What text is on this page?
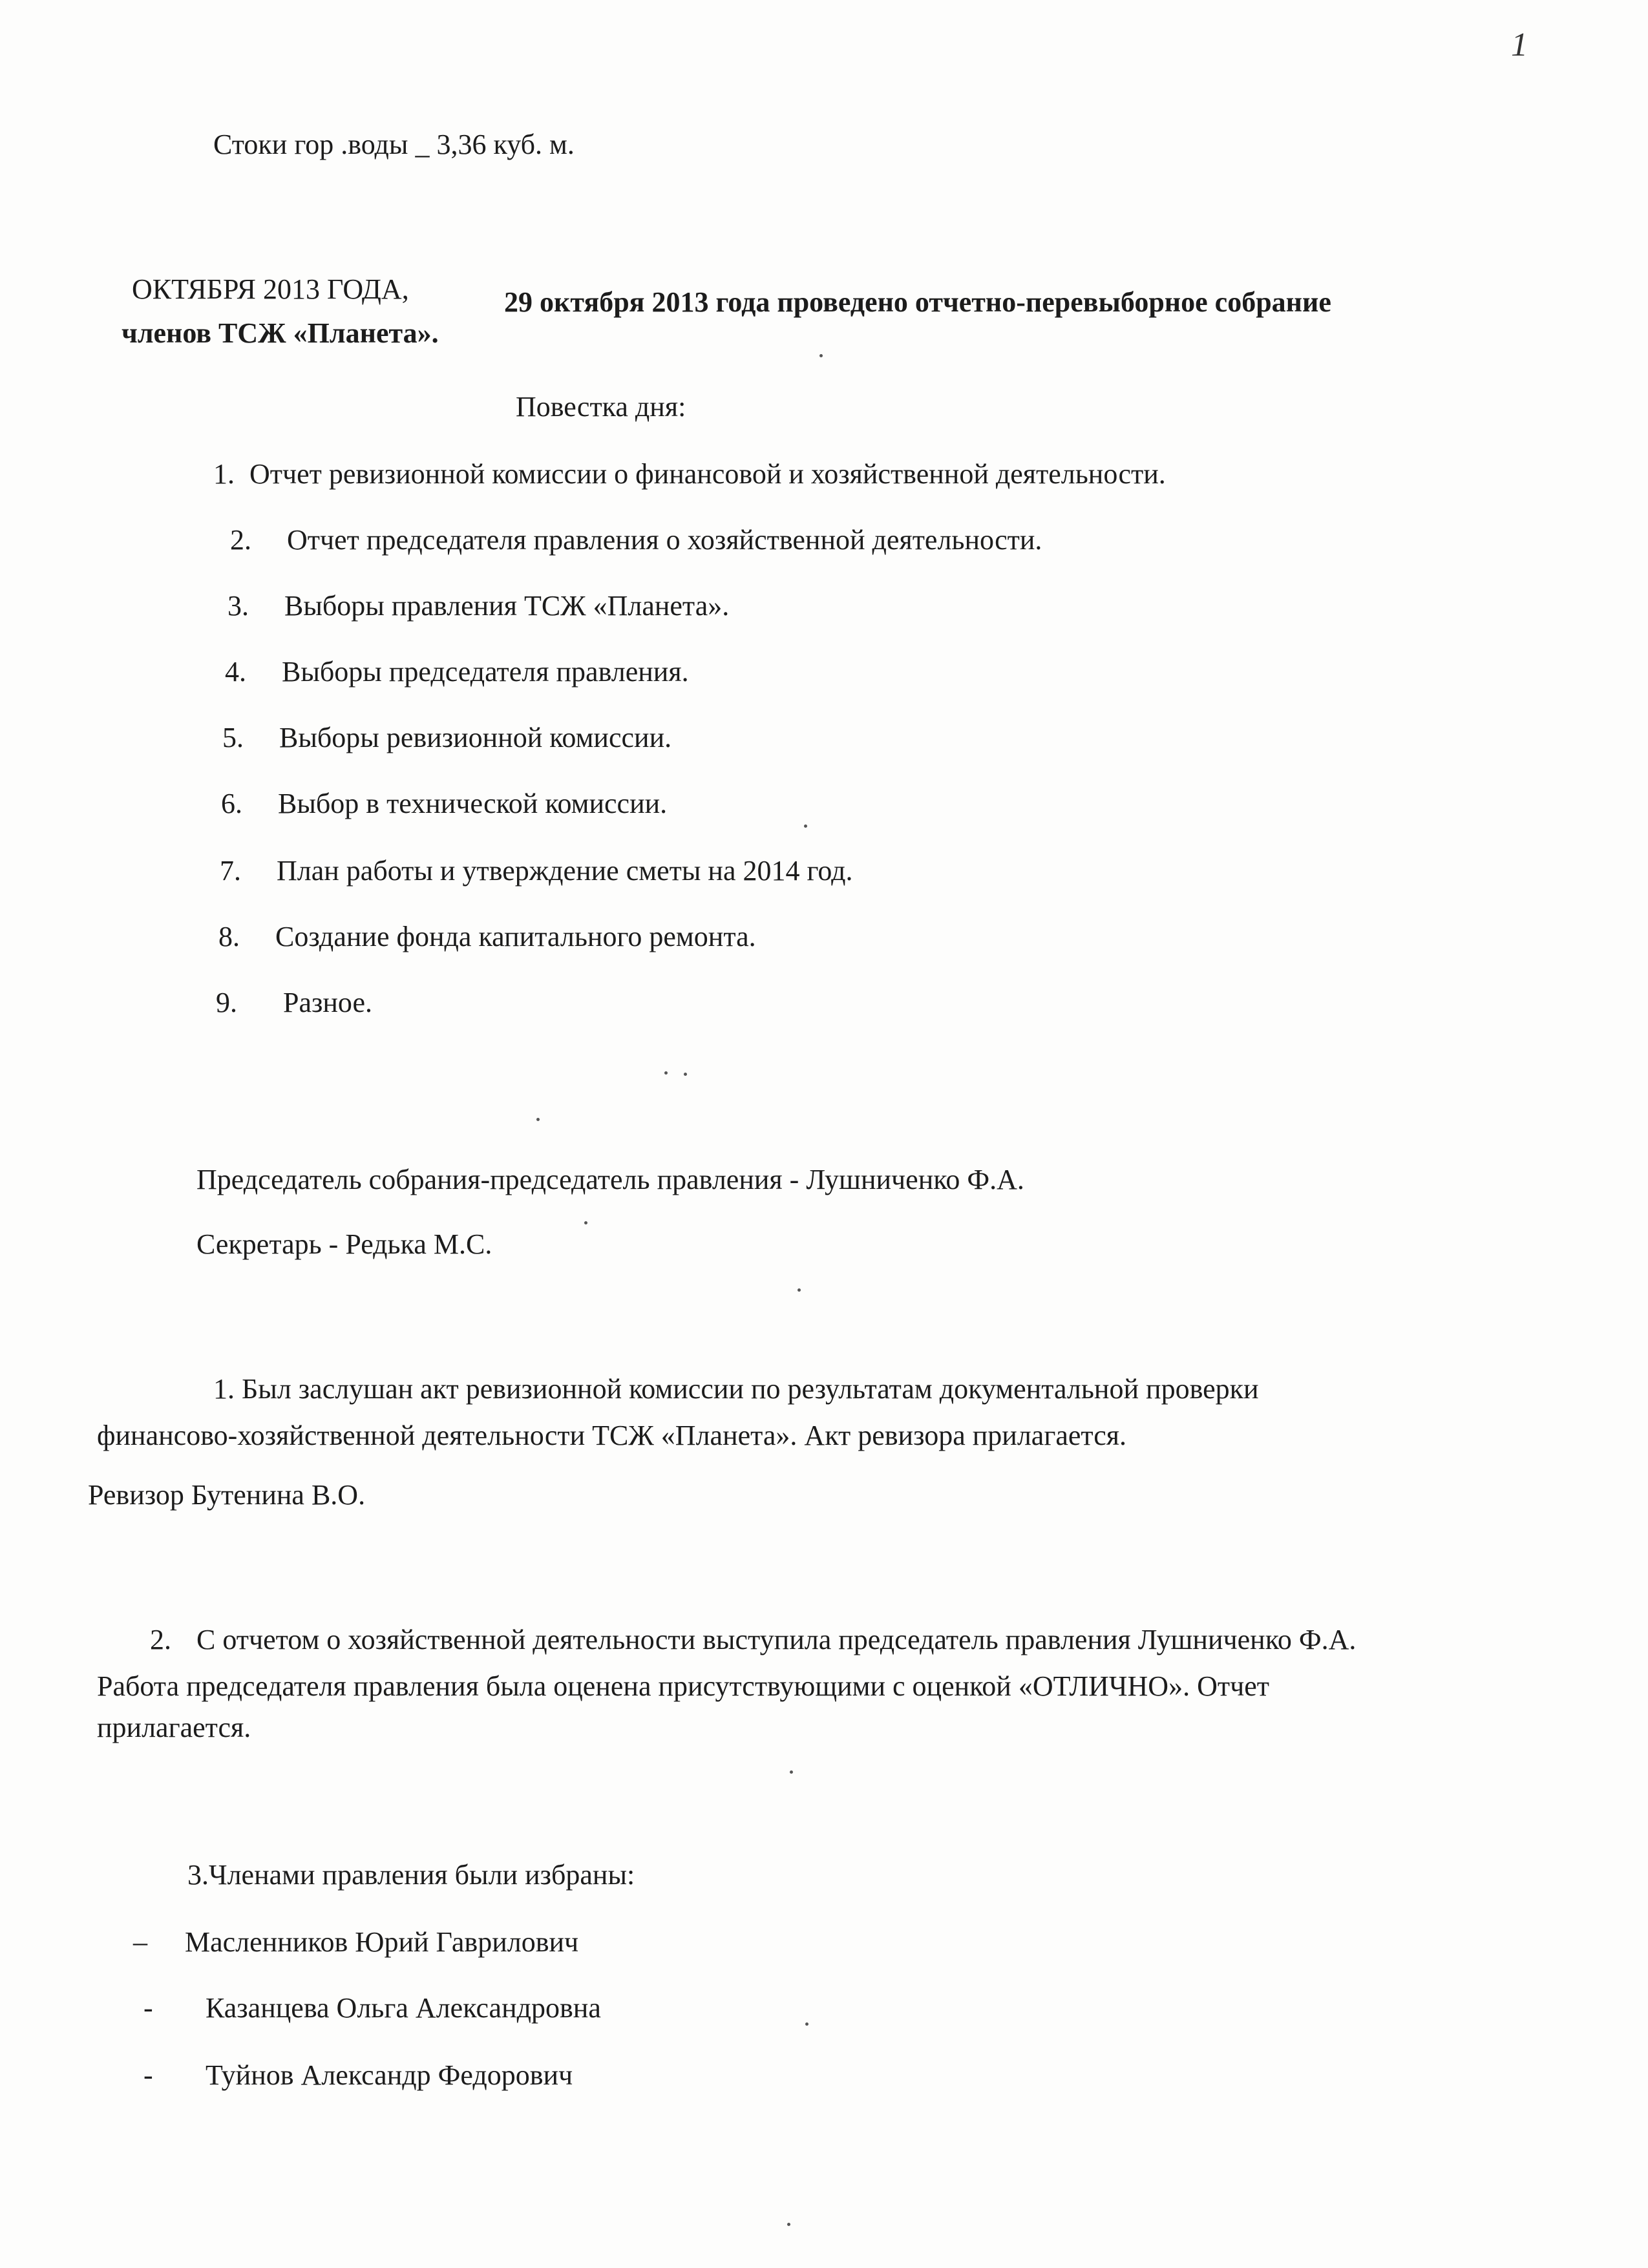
1
Стоки гор .воды _ 3,36 куб. м.
ОКТЯБРЯ 2013 ГОДА,	29 октября 2013 года проведено отчетно-перевыборное собрание
членов ТСЖ «Планета».
Повестка дня:
1. Отчет ревизионной комиссии о финансовой и хозяйственной деятельности.
2. Отчет председателя правления о хозяйственной деятельности.
3. Выборы правления ТСЖ «Планета».
4. Выборы председателя правления.
5. Выборы ревизионной комиссии.
6. Выбор в технической комиссии.
7. План работы и утверждение сметы на 2014 год.
8. Создание фонда капитального ремонта.
9. Разное.
Председатель собрания-председатель правления - Лушниченко Ф.А.
Секретарь - Редька М.С.
1. Был заслушан акт ревизионной комиссии по результатам документальной проверки
финансово-хозяйственной деятельности ТСЖ «Планета». Акт ревизора прилагается.
Ревизор Бутенина В.О.
2. С отчетом о хозяйственной деятельности выступила председатель правления Лушниченко Ф.А.
Работа председателя правления была оценена присутствующими с оценкой «ОТЛИЧНО». Отчет
прилагается.
3.Членами правления были избраны:
– Масленников Юрий Гаврилович
- Казанцева Ольга Александровна
- Туйнов Александр Федорович
